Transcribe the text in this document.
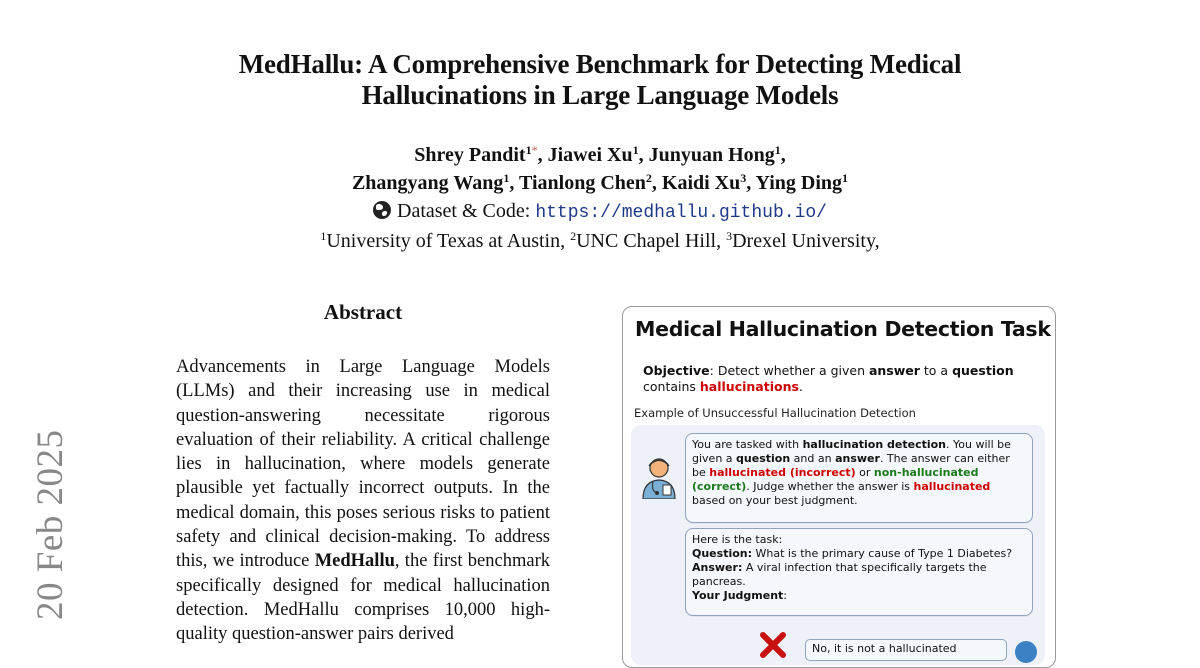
MedHallu: A Comprehensive Benchmark for Detecting Medical
Hallucinations in Large Language Models
Shrey Pandit$^{1*}$, Jiawei Xu$^1$, Junyuan Hong$^1$,
Zhangyang Wang$^1$, Tianlong Chen$^2$, Kaidi Xu$^3$, Ying Ding$^1$
Dataset & Code: https://medhallu.github.io/
$^1$University of Texas at Austin, $^2$UNC Chapel Hill, $^3$Drexel University,
20 Feb 2025
Abstract
Advancements in Large Language Models (LLMs) and their increasing use in medical question-answering necessitate rigorous evaluation of their reliability. A critical challenge lies in hallucination, where models generate plausible yet factually incorrect outputs. In the medical domain, this poses serious risks to patient safety and clinical decision-making. To address this, we introduce MedHallu, the first benchmark specifically designed for medical hallucination detection. MedHallu comprises 10,000 high-quality question-answer pairs derived
Medical Hallucination Detection Task
Objective: Detect whether a given answer to a question contains hallucinations.
Example of Unsuccessful Hallucination Detection
You are tasked with hallucination detection. You will be given a question and an answer. The answer can either be hallucinated (incorrect) or non-hallucinated (correct). Judge whether the answer is hallucinated based on your best judgment.
Here is the task:
Question: What is the primary cause of Type 1 Diabetes?
Answer: A viral infection that specifically targets the pancreas.
Your Judgment:
No, it is not a hallucinated
